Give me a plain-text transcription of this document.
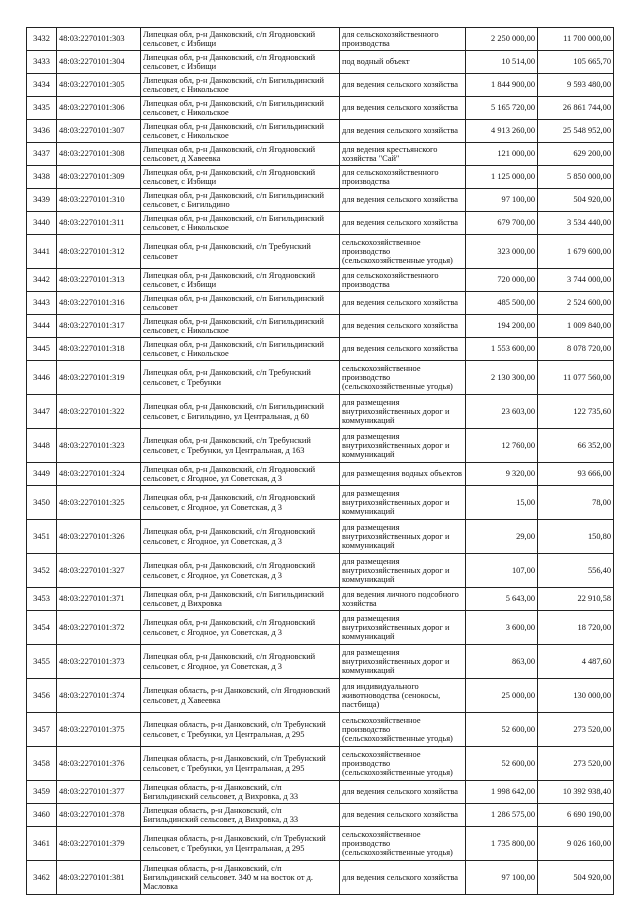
3432	48:03:2270101:303	Липецкая обл, р-н Данковский, с/п Ягодновский сельсовет, с Избищи	для сельскохозяйственного производства	2 250 000,00	11 700 000,00
3433	48:03:2270101:304	Липецкая обл, р-н Данковский, с/п Ягодновский сельсовет, с Избищи	под водный объект	10 514,00	105 665,70
3434	48:03:2270101:305	Липецкая обл, р-н Данковский, с/п Бигильдинский сельсовет, с Никольское	для ведения сельского хозяйства	1 844 900,00	9 593 480,00
3435	48:03:2270101:306	Липецкая обл, р-н Данковский, с/п Бигильдинский сельсовет, с Никольское	для ведения сельского хозяйства	5 165 720,00	26 861 744,00
3436	48:03:2270101:307	Липецкая обл, р-н Данковский, с/п Бигильдинский сельсовет, с Никольское	для ведения сельского хозяйства	4 913 260,00	25 548 952,00
3437	48:03:2270101:308	Липецкая обл, р-н Данковский, с/п Ягодновский сельсовет, д Хавеевка	для ведения крестьянского хозяйства "Сай"	121 000,00	629 200,00
3438	48:03:2270101:309	Липецкая обл, р-н Данковский, с/п Ягодновский сельсовет, с Избищи	для сельскохозяйственного производства	1 125 000,00	5 850 000,00
3439	48:03:2270101:310	Липецкая обл, р-н Данковский, с/п Бигильдинский сельсовет, с Бигильдино	для ведения сельского хозяйства	97 100,00	504 920,00
3440	48:03:2270101:311	Липецкая обл, р-н Данковский, с/п Бигильдинский сельсовет, с Никольское	для ведения сельского хозяйства	679 700,00	3 534 440,00
3441	48:03:2270101:312	Липецкая обл, р-н Данковский, с/п Требунский сельсовет	сельскохозяйственное производство (сельскохозяйственные угодья)	323 000,00	1 679 600,00
3442	48:03:2270101:313	Липецкая обл, р-н Данковский, с/п Ягодновский сельсовет, с Избищи	для сельскохозяйственного производства	720 000,00	3 744 000,00
3443	48:03:2270101:316	Липецкая обл, р-н Данковский, с/п Бигильдинский сельсовет	для ведения сельского хозяйства	485 500,00	2 524 600,00
3444	48:03:2270101:317	Липецкая обл, р-н Данковский, с/п Бигильдинский сельсовет, с Никольское	для ведения сельского хозяйства	194 200,00	1 009 840,00
3445	48:03:2270101:318	Липецкая обл, р-н Данковский, с/п Бигильдинский сельсовет, с Никольское	для ведения сельского хозяйства	1 553 600,00	8 078 720,00
3446	48:03:2270101:319	Липецкая обл, р-н Данковский, с/п Требунский сельсовет, с Требунки	сельскохозяйственное производство (сельскохозяйственные угодья)	2 130 300,00	11 077 560,00
3447	48:03:2270101:322	Липецкая обл, р-н Данковский, с/п Бигильдинский сельсовет, с Бигильдино, ул Центральная, д 60	для размещения внутрихозяйственных дорог и коммуникаций	23 603,00	122 735,60
3448	48:03:2270101:323	Липецкая обл, р-н Данковский, с/п Требунский сельсовет, с Требунки, ул Центральная, д 163	для размещения внутрихозяйственных дорог и коммуникаций	12 760,00	66 352,00
3449	48:03:2270101:324	Липецкая обл, р-н Данковский, с/п Ягодновский сельсовет, с Ягодное, ул Советская, д 3	для размещения водных объектов	9 320,00	93 666,00
3450	48:03:2270101:325	Липецкая обл, р-н Данковский, с/п Ягодновский сельсовет, с Ягодное, ул Советская, д 3	для размещения внутрихозяйственных дорог и коммуникаций	15,00	78,00
3451	48:03:2270101:326	Липецкая обл, р-н Данковский, с/п Ягодновский сельсовет, с Ягодное, ул Советская, д 3	для размещения внутрихозяйственных дорог и коммуникаций	29,00	150,80
3452	48:03:2270101:327	Липецкая обл, р-н Данковский, с/п Ягодновский сельсовет, с Ягодное, ул Советская, д 3	для размещения внутрихозяйственных дорог и коммуникаций	107,00	556,40
3453	48:03:2270101:371	Липецкая обл, р-н Данковский, с/п Бигильдинский сельсовет, д Вихровка	для ведения личного подсобного хозяйства	5 643,00	22 910,58
3454	48:03:2270101:372	Липецкая обл, р-н Данковский, с/п Ягодновский сельсовет, с Ягодное, ул Советская, д 3	для размещения внутрихозяйственных дорог и коммуникаций	3 600,00	18 720,00
3455	48:03:2270101:373	Липецкая обл, р-н Данковский, с/п Ягодновский сельсовет, с Ягодное, ул Советская, д 3	для размещения внутрихозяйственных дорог и коммуникаций	863,00	4 487,60
3456	48:03:2270101:374	Липецкая область, р-н Данковский, с/п Ягодновский сельсовет, д Хавеевка	для индивидуального животноводства (сенокосы, пастбища)	25 000,00	130 000,00
3457	48:03:2270101:375	Липецкая область, р-н Данковский, с/п Требунский сельсовет, с Требунки, ул Центральная, д 295	сельскохозяйственное производство (сельскохозяйственные угодья)	52 600,00	273 520,00
3458	48:03:2270101:376	Липецкая область, р-н Данковский, с/п Требунский сельсовет, с Требунки, ул Центральная, д 295	сельскохозяйственное производство (сельскохозяйственные угодья)	52 600,00	273 520,00
3459	48:03:2270101:377	Липецкая область, р-н Данковский, с/п Бигильдинский сельсовет, д Вихровка, д 33	для ведения сельского хозяйства	1 998 642,00	10 392 938,40
3460	48:03:2270101:378	Липецкая область, р-н Данковский, с/п Бигильдинский сельсовет, д Вихровка, д 33	для ведения сельского хозяйства	1 286 575,00	6 690 190,00
3461	48:03:2270101:379	Липецкая область, р-н Данковский, с/п Требунский сельсовет, с Требунки, ул Центральная, д 295	сельскохозяйственное производство (сельскохозяйственные угодья)	1 735 800,00	9 026 160,00
3462	48:03:2270101:381	Липецкая область, р-н Данковский, с/п Бигильдинский сельсовет. 340 м на восток от д. Масловка	для ведения сельского хозяйства	97 100,00	504 920,00
